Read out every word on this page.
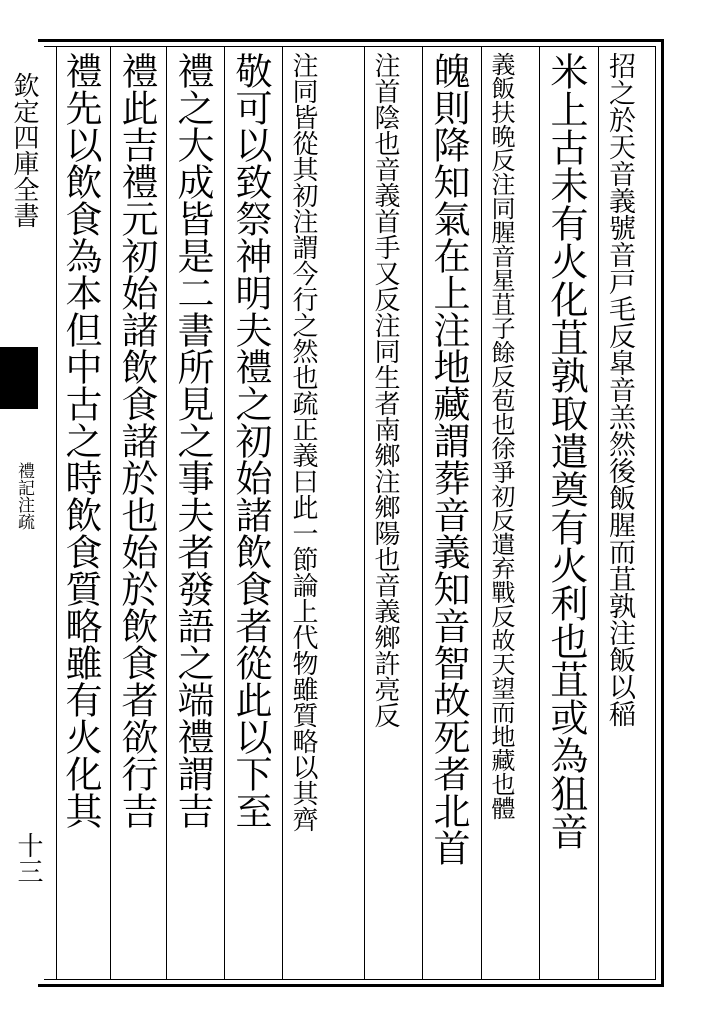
欽定四庫全書
禮記注疏
十三
招之於天音義號音戸毛反皐音羔然後飯腥而苴孰注飯以稲
米上古未有火化苴孰取遣奠有火利也苴或為狙音
義飯扶晩反注同腥音星苴子餘反苞也徐爭初反遣弃戰反故天望而地藏也體
魄則降知氣在上注地藏謂葬音義知音智故死者北首
注首陰也音義首手又反注同生者南鄉注鄉陽也音義鄉許亮反
注同皆從其初注謂今行之然也疏正義曰此一節論上代物雖質略以其齊
敬可以致祭神明夫禮之初始諸飲食者從此以下至
禮之大成皆是二書所見之事夫者發語之端禮謂吉
禮此吉禮元初始諸飲食諸於也始於飲食者欲行吉
禮先以飲食為本但中古之時飲食質略雖有火化其
